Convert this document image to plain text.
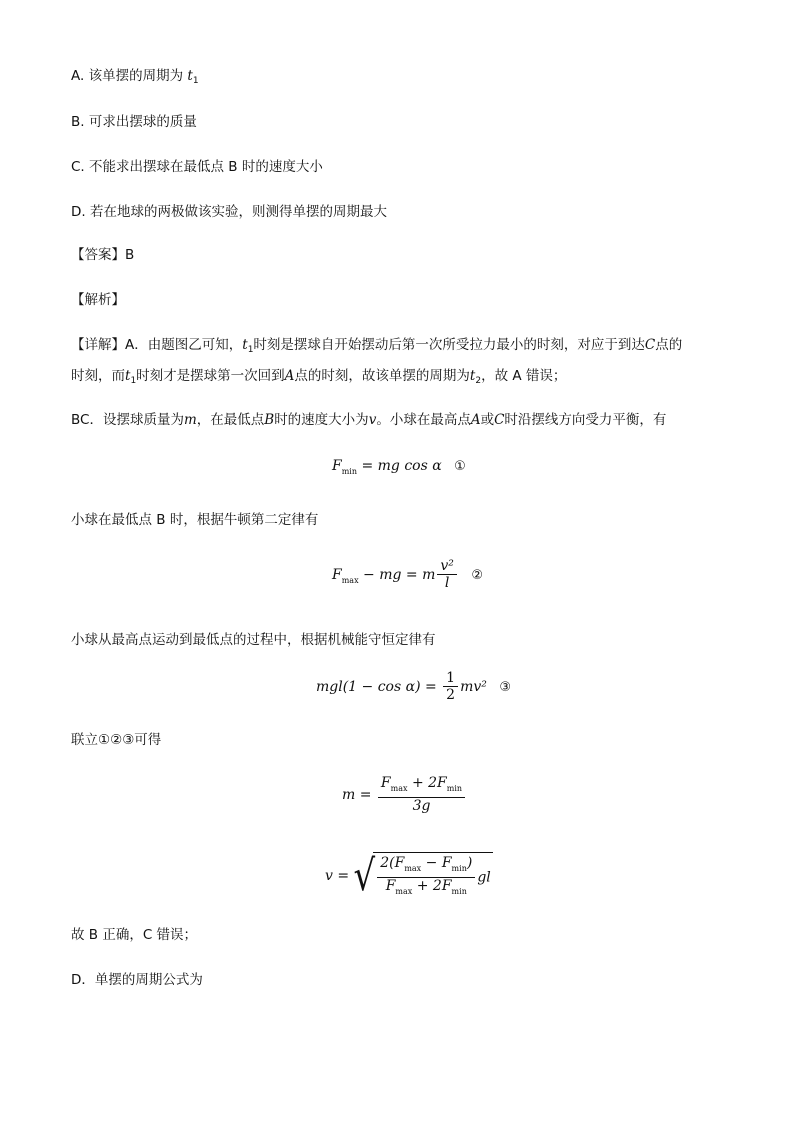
A. 该单摆的周期为 $t_1$
B. 可求出摆球的质量
C. 不能求出摆球在最低点 B 时的速度大小
D. 若在地球的两极做该实验，则测得单摆的周期最大
【答案】B
【解析】
【详解】A．由题图乙可知，$t_1$时刻是摆球自开始摆动后第一次所受拉力最小的时刻，对应于到达C点的
时刻，而$t_1$时刻才是摆球第一次回到A点的时刻，故该单摆的周期为$t_2$，故 A 错误；
BC．设摆球质量为m，在最低点B时的速度大小为v。小球在最高点A或C时沿摆线方向受力平衡，有
$F_{min}$ = mg cos α ①
小球在最低点 B 时，根据牛顿第二定律有
$F_{max}$ − mg = m $\frac{\text{v²}}{l}$ ②
小球从最高点运动到最低点的过程中，根据机械能守恒定律有
$mgl(1 - \cos \alpha) = \frac{1}{2} mv^2$ ③
联立①②③可得
$m = \frac{F_{max} + 2F_{min}}{3g}$
v = √ $\frac{2(F_{max} - F_{min})}{F_{max} + 2F_{min}}$ gl
故 B 正确，C 错误；
D．单摆的周期公式为
